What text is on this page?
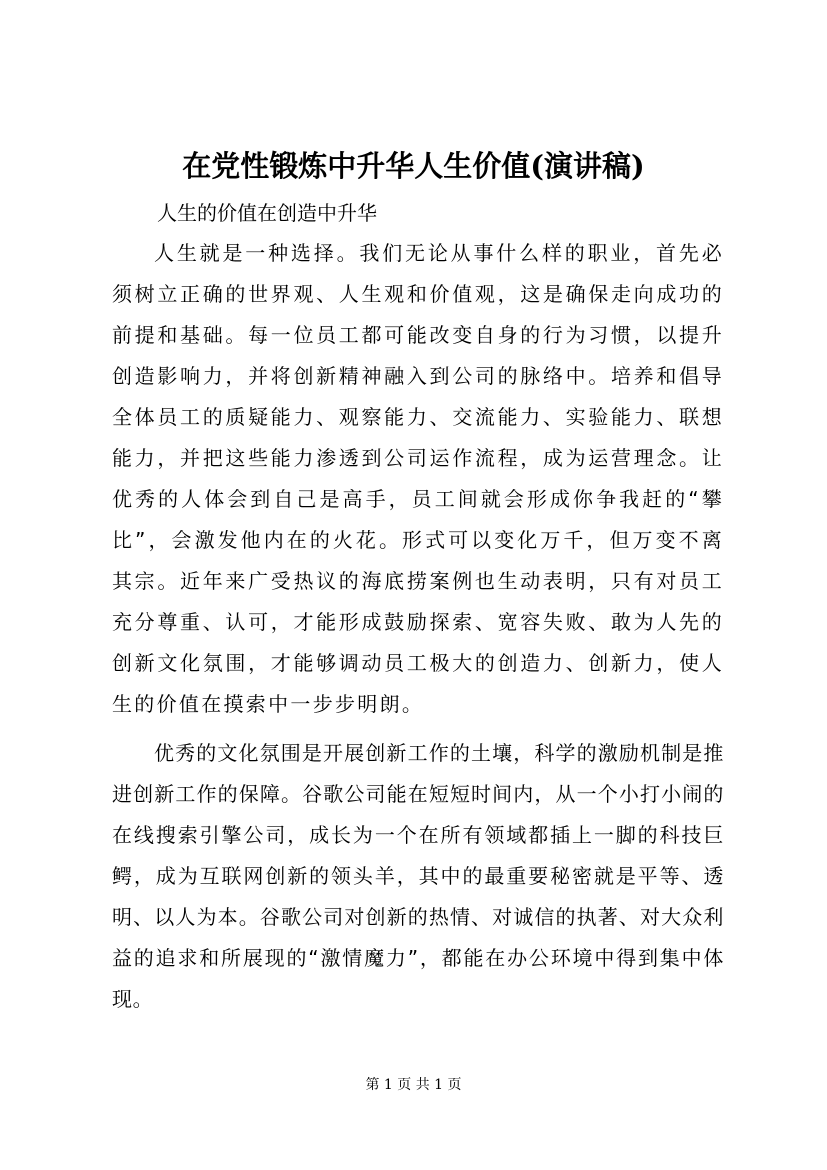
在党性锻炼中升华人生价值(演讲稿)
人生的价值在创造中升华

人生就是一种选择。我们无论从事什么样的职业，首先必须树立正确的世界观、人生观和价值观，这是确保走向成功的前提和基础。每一位员工都可能改变自身的行为习惯，以提升创造影响力，并将创新精神融入到公司的脉络中。培养和倡导全体员工的质疑能力、观察能力、交流能力、实验能力、联想能力，并把这些能力渗透到公司运作流程，成为运营理念。让优秀的人体会到自己是高手，员工间就会形成你争我赶的“攀比”，会激发他内在的火花。形式可以变化万千，但万变不离其宗。近年来广受热议的海底捞案例也生动表明，只有对员工充分尊重、认可，才能形成鼓励探索、宽容失败、敢为人先的创新文化氛围，才能够调动员工极大的创造力、创新力，使人生的价值在摸索中一步步明朗。

优秀的文化氛围是开展创新工作的土壤，科学的激励机制是推进创新工作的保障。谷歌公司能在短短时间内，从一个小打小闹的在线搜索引擎公司，成长为一个在所有领域都插上一脚的科技巨鳄，成为互联网创新的领头羊，其中的最重要秘密就是平等、透明、以人为本。谷歌公司对创新的热情、对诚信的执著、对大众利益的追求和所展现的“激情魔力”，都能在办公环境中得到集中体现。

第 1 页 共 1 页
